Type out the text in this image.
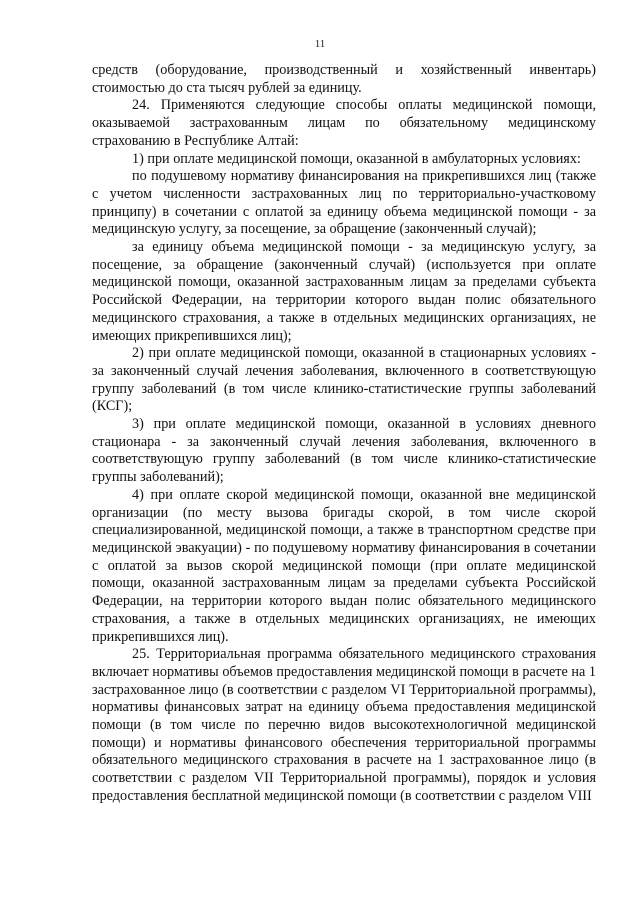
11

средств (оборудование, производственный и хозяйственный инвентарь) стоимостью до ста тысяч рублей за единицу.

24. Применяются следующие способы оплаты медицинской помощи, оказываемой застрахованным лицам по обязательному медицинскому страхованию в Республике Алтай:

1) при оплате медицинской помощи, оказанной в амбулаторных условиях:

по подушевому нормативу финансирования на прикрепившихся лиц (также с учетом численности застрахованных лиц по территориально-участковому принципу) в сочетании с оплатой за единицу объема медицинской помощи - за медицинскую услугу, за посещение, за обращение (законченный случай);

за единицу объема медицинской помощи - за медицинскую услугу, за посещение, за обращение (законченный случай) (используется при оплате медицинской помощи, оказанной застрахованным лицам за пределами субъекта Российской Федерации, на территории которого выдан полис обязательного медицинского страхования, а также в отдельных медицинских организациях, не имеющих прикрепившихся лиц);

2) при оплате медицинской помощи, оказанной в стационарных условиях - за законченный случай лечения заболевания, включенного в соответствующую группу заболеваний (в том числе клинико-статистические группы заболеваний (КСГ);

3) при оплате медицинской помощи, оказанной в условиях дневного стационара - за законченный случай лечения заболевания, включенного в соответствующую группу заболеваний (в том числе клинико-статистические группы заболеваний);

4) при оплате скорой медицинской помощи, оказанной вне медицинской организации (по месту вызова бригады скорой, в том числе скорой специализированной, медицинской помощи, а также в транспортном средстве при медицинской эвакуации) - по подушевому нормативу финансирования в сочетании с оплатой за вызов скорой медицинской помощи (при оплате медицинской помощи, оказанной застрахованным лицам за пределами субъекта Российской Федерации, на территории которого выдан полис обязательного медицинского страхования, а также в отдельных медицинских организациях, не имеющих прикрепившихся лиц).

25. Территориальная программа обязательного медицинского страхования включает нормативы объемов предоставления медицинской помощи в расчете на 1 застрахованное лицо (в соответствии с разделом VI Территориальной программы), нормативы финансовых затрат на единицу объема предоставления медицинской помощи (в том числе по перечню видов высокотехнологичной медицинской помощи) и нормативы финансового обеспечения территориальной программы обязательного медицинского страхования в расчете на 1 застрахованное лицо (в соответствии с разделом VII Территориальной программы), порядок и условия предоставления бесплатной медицинской помощи (в соответствии с разделом VIII
